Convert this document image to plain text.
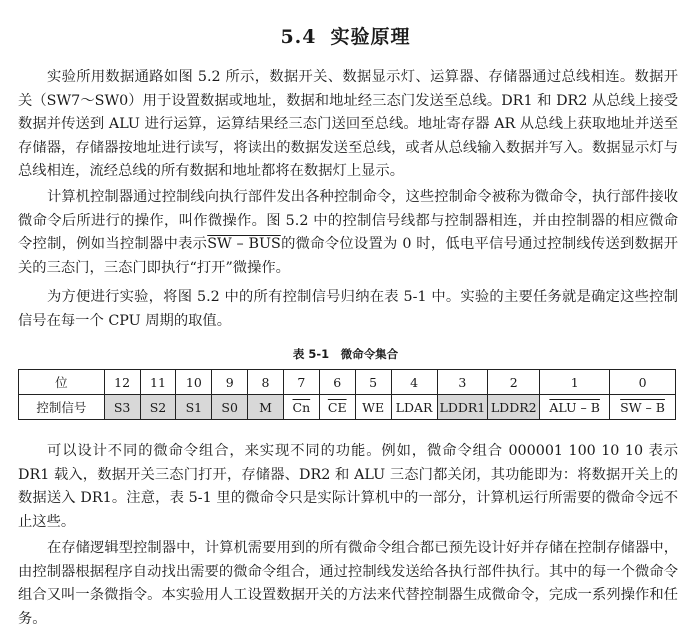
5.4 实验原理

实验所用数据通路如图 5.2 所示，数据开关、数据显示灯、运算器、存储器通过总线相连。数据开关（SW7～SW0）用于设置数据或地址，数据和地址经三态门发送至总线。DR1 和 DR2 从总线上接受数据并传送到 ALU 进行运算，运算结果经三态门送回至总线。地址寄存器 AR 从总线上获取地址并送至存储器，存储器按地址进行读写，将读出的数据发送至总线，或者从总线输入数据并写入。数据显示灯与总线相连，流经总线的所有数据和地址都将在数据灯上显示。

计算机控制器通过控制线向执行部件发出各种控制命令，这些控制命令被称为微命令，执行部件接收微命令后所进行的操作，叫作微操作。图 5.2 中的控制信号线都与控制器相连，并由控制器的相应微命令控制，例如当控制器中表示SW – BUS的微命令位设置为 0 时，低电平信号通过控制线传送到数据开关的三态门，三态门即执行“打开”微操作。

为方便进行实验，将图 5.2 中的所有控制信号归纳在表 5-1 中。实验的主要任务就是确定这些控制信号在每一个 CPU 周期的取值。

表 5-1　微命令集合
位	12	11	10	9	8	7	6	5	4	3	2	1	0
控制信号	S3	S2	S1	S0	M	$\overline{Cn}$	$\overline{CE}$	WE	LDAR	LDDR1	LDDR2	ALU – B	SW – B

可以设计不同的微命令组合，来实现不同的功能。例如，微命令组合 000001 100 10 10 表示 DR1 载入，数据开关三态门打开，存储器、DR2 和 ALU 三态门都关闭，其功能即为：将数据开关上的数据送入 DR1。注意，表 5-1 里的微命令只是实际计算机中的一部分，计算机运行所需要的微命令远不止这些。

在存储逻辑型控制器中，计算机需要用到的所有微命令组合都已预先设计好并存储在控制存储器中，由控制器根据程序自动找出需要的微命令组合，通过控制线发送给各执行部件执行。其中的每一个微命令组合又叫一条微指令。本实验用人工设置数据开关的方法来代替控制器生成微命令，完成一系列操作和任务。
